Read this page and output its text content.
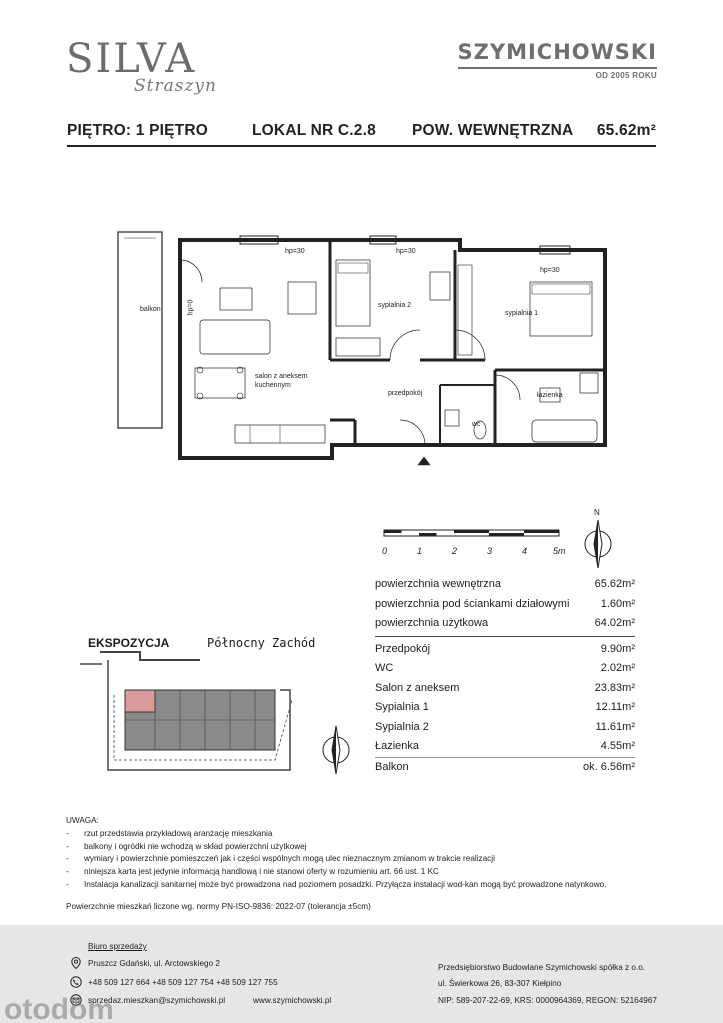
SILVA
Straszyn
SZYMICHOWSKI
OD 2005 ROKU
PIĘTRO: 1 PIĘTRO	LOKAL NR C.2.8 POW. WEWNĘTRZNA 65.62m²
balkon
salon z aneksem
kuchennym
sypialnia 2
sypialnia 1
przedpokój	łazienka
wc
hp=30	hp=30
hp=30
hp=0
0	1	2	3	4	5m
N
powierzchnia wewnętrzna	65.62m²
powierzchnia pod ściankami działowymi	1.60m²
powierzchnia użytkowa	64.02m²
Przedpokój	9.90m²
WC	2.02m²
Salon z aneksem	23.83m²
Sypialnia 1	12.11m²
Sypialnia 2	11.61m²
Łazienka	4.55m²
Balkon	ok. 6.56m²
EKSPOZYCJA	Północny Zachód
UWAGA:
- rzut przedstawia przykładową aranżację mieszkania
- balkony i ogródki nie wchodzą w skład powierzchni użytkowej
- wymiary i powierzchnie pomieszczeń jak i części wspólnych mogą ulec nieznacznym zmianom w trakcie realizacji
- niniejsza karta jest jedynie informacją handlową i nie stanowi oferty w rozumieniu art. 66 ust. 1 KC
- Instalacja kanalizacji sanitarnej może być prowadzona nad poziomem posadzki. Przyłącza instalacji wod-kan mogą być prowadzone natynkowo.
Powierzchnie mieszkań liczone wg. normy PN-ISO-9836: 2022-07 (tolerancja ±5cm)
Biuro sprzedaży
Pruszcz Gdański, ul. Arctowskiego 2
+48 509 127 664 +48 509 127 754 +48 509 127 755
sprzedaz.mieszkan@szymichowski.pl	www.szymichowski.pl
Przedsiębiorstwo Budowlane Szymichowski spółka z o.o.
ul. Świerkowa 26, 83-307 Kiełpino
NIP: 589-207-22-69, KRS: 0000964369, REGON: 52164967
otodom
